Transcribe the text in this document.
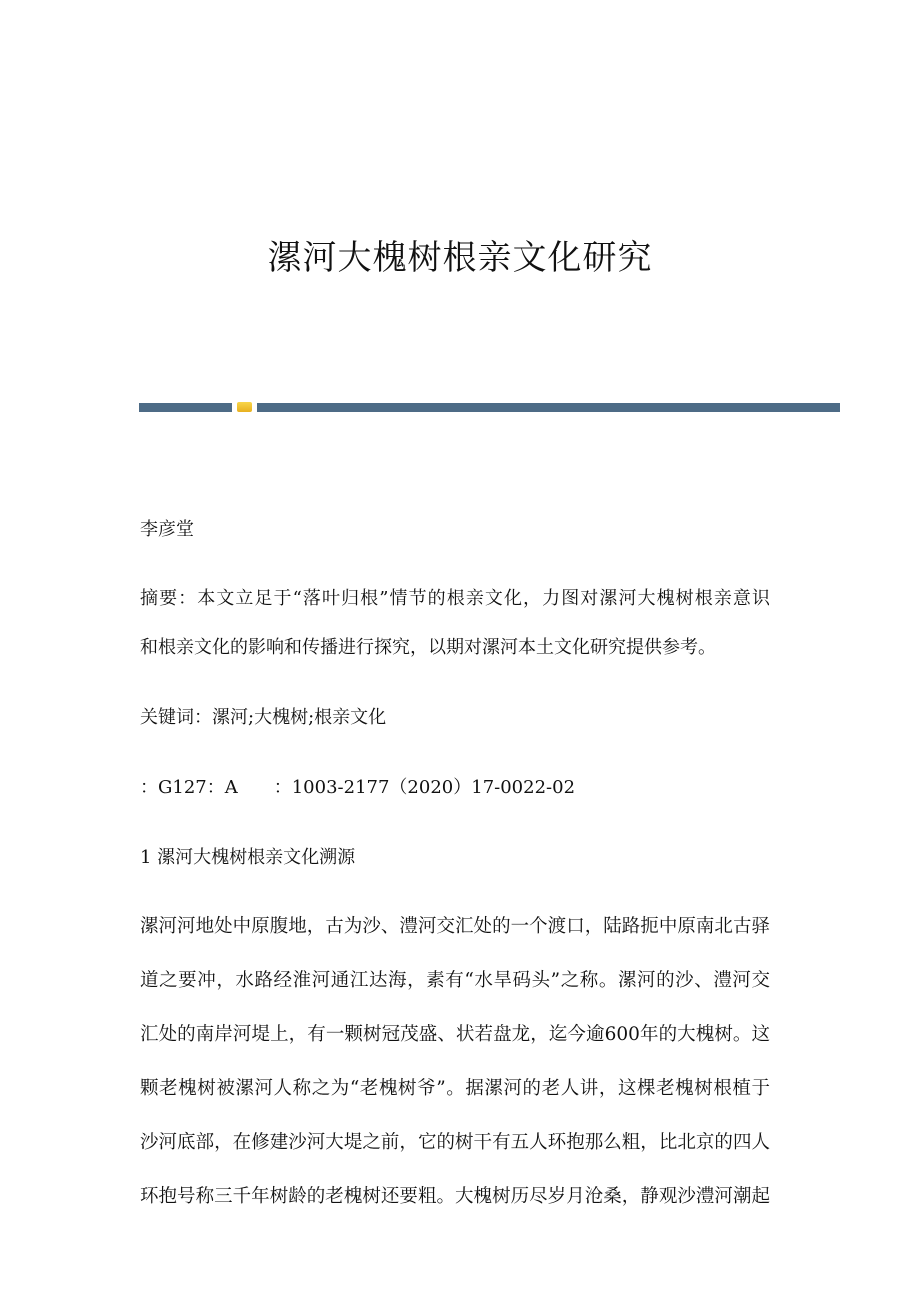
漯河大槐树根亲文化研究
李彦堂
摘要：本文立足于“落叶归根”情节的根亲文化，力图对漯河大槐树根亲意识
和根亲文化的影响和传播进行探究，以期对漯河本土文化研究提供参考。
关键词：漯河;大槐树;根亲文化
：G127：A　　：1003-2177（2020）17-0022-02
1 漯河大槐树根亲文化溯源
漯河河地处中原腹地，古为沙、澧河交汇处的一个渡口，陆路扼中原南北古驿
道之要冲，水路经淮河通江达海，素有“水旱码头”之称。漯河的沙、澧河交
汇处的南岸河堤上，有一颗树冠茂盛、状若盘龙，迄今逾600年的大槐树。这
颗老槐树被漯河人称之为“老槐树爷”。据漯河的老人讲，这棵老槐树根植于
沙河底部，在修建沙河大堤之前，它的树干有五人环抱那么粗，比北京的四人
环抱号称三千年树龄的老槐树还要粗。大槐树历尽岁月沧桑，静观沙澧河潮起
